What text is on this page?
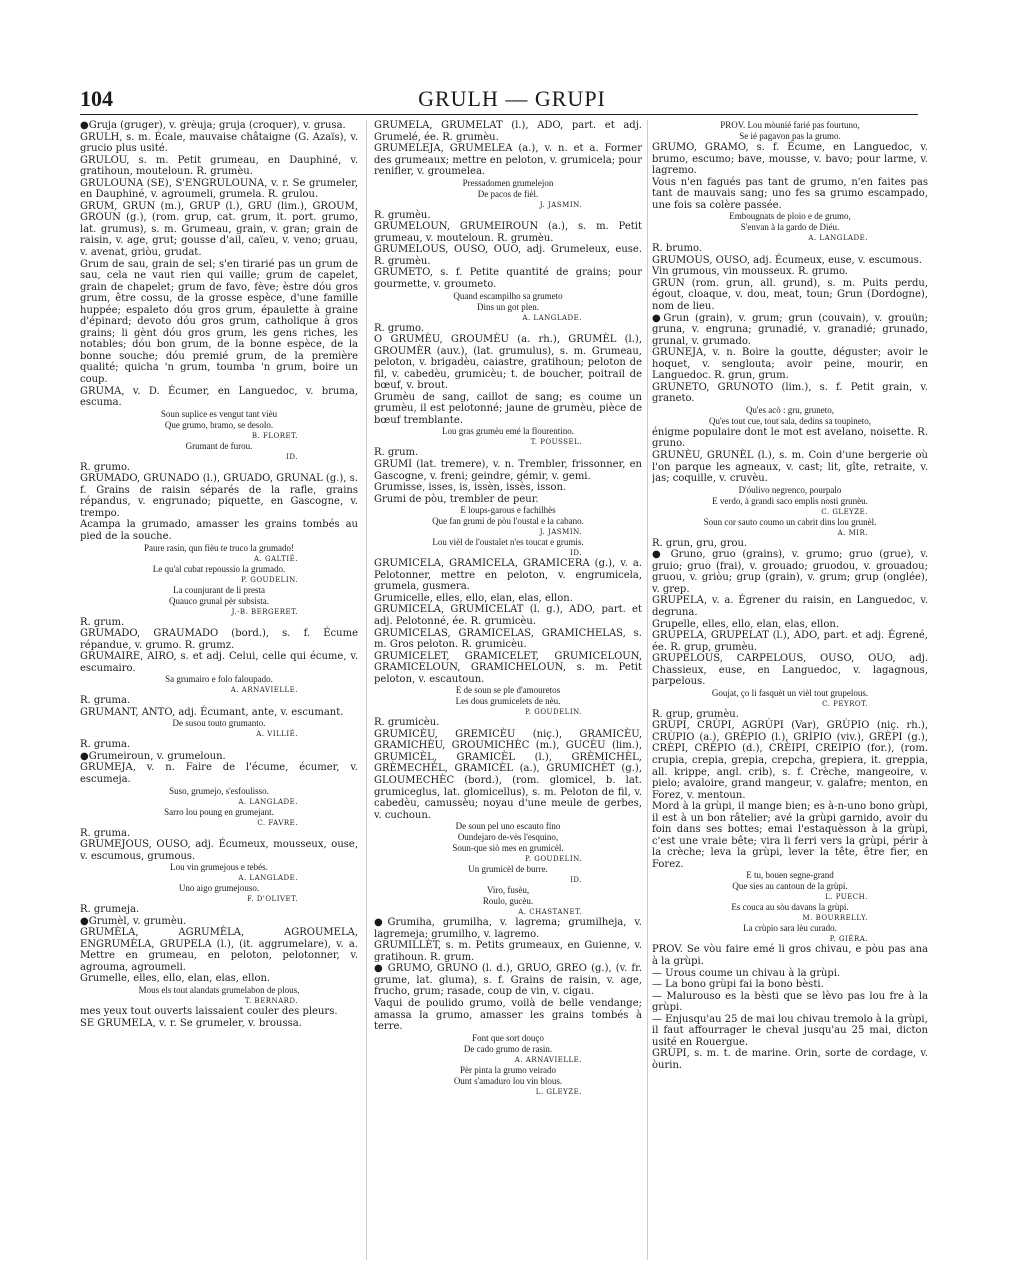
104	GRULH — GRUPI

●Gruja (gruger), v. grèuja; gruja (croquer), v. grusa.

GRULH, s. m. Écale, mauvaise châtaigne (G. Azaïs), v. grucio plus usité.

GRULOU, s. m. Petit grumeau, en Dauphiné, v. gratihoun, mouteloun. R. grumèu.

GRULOUNA (SE), S'ENGRULOUNA, v. r. Se grumeler, en Dauphiné, v. agroumeli, grumela. R. grulou.

GRUM, GRUN (m.), GRUP (l.), GRU (lim.), GROUM, GROUN (g.), (rom. grup, cat. grum, it. port. grumo, lat. grumus), s. m. Grumeau, grain, v. gran; grain de raisin, v. age, grut; gousse d'ail, caïeu, v. veno; gruau, v. avenat, griòu, grudat.

Grum de sau, grain de sel; s'en tirarié pas un grum de sau, cela ne vaut rien qui vaille; grum de capelet, grain de chapelet; grum de favo, fève; èstre dóu gros grum, être cossu, de la grosse espèce, d'une famille huppée; espaleto dóu gros grum, épaulette à graine d'épinard; devoto dóu gros grum, catholique à gros grains; li gènt dóu gros grum, les gens riches, les notables; dóu bon grum, de la bonne espèce, de la bonne souche; dóu premié grum, de la première qualité; quicha 'n grum, toumba 'n grum, boire un coup.

GRUMA, v. D. Écumer, en Languedoc, v. bruma, escuma.

Soun suplice es vengut tant vièu

Que grumo, bramo, se desolo.

B. FLORET.

Grumant de furou.

ID.

R. grumo.

GRUMADO, GRUNADO (l.), GRUADO, GRUNAL (g.), s. f. Grains de raisin séparés de la rafle, grains répandus, v. engrunado; piquette, en Gascogne, v. trempo.

Acampa la grumado, amasser les grains tombés au pied de la souche.

Paure rasin, qun fièu te truco la grumado!

A. GALTIÉ.

Le qu'al cubat repoussio la grumado.

P. GOUDELIN.

La counjurant de li presta

Quauco grunal pèr subsista.

J.-B. BERGERET.

R. grum.

GRUMADO, GRAUMADO (bord.), s. f. Écume répandue, v. grumo. R. grumz.

GRUMAIRE, AIRO, s. et adj. Celui, celle qui écume, v. escumairo.

Sa grumairo e folo faloupado.

A. ARNAVIELLE.

R. gruma.

GRUMANT, ANTO, adj. Écumant, ante, v. escumant.

De susou touto grumanto.

A. VILLIÉ.

R. gruma.

●Grumeiroun, v. grumeloun.

GRUMEJA, v. n. Faire de l'écume, écumer, v. escumeja.

Suso, grumejo, s'esfoulisso.

A. LANGLADE.

Sarro lou poung en grumejant.

C. FAVRE.

R. gruma.

GRUMEJOUS, OUSO, adj. Écumeux, mousseux, ouse, v. escumous, grumous.

Lou vin grumejous e tebés.

A. LANGLADE.

Uno aigo grumejouso.

F. D'OLIVET.

R. grumeja.

●Grumèl, v. grumèu.

GRUMÈLA, AGRUMÈLA, AGROUMELA, ENGRUMÈLA, GRUPELA (l.), (it. aggrumelare), v. a. Mettre en grumeau, en peloton, pelotonner, v. agrouma, agroumeli.

Grumelle, elles, ello, elan, elas, ellon.

Mous els tout alandats grumelabon de plous,

T. BERNARD.

mes yeux tout ouverts laissaient couler des pleurs.

SE GRUMELA, v. r. Se grumeler, v. broussa.

GRUMELA, GRUMELAT (l.), ADO, part. et adj. Grumelé, ée. R. grumèu.

GRUMELEJA, GRUMELEA (a.), v. n. et a. Former des grumeaux; mettre en peloton, v. grumicela; pour renifler, v. groumelea.

Pressadomen grumelejon

De pacos de fièl.

J. JASMIN.

R. grumèu.

GRUMELOUN, GRUMEIROUN (a.), s. m. Petit grumeau, v. mouteloun. R. grumèu.

GRUMELOUS, OUSO, OUO, adj. Grumeleux, euse. R. grumèu.

GRUMETO, s. f. Petite quantité de grains; pour gourmette, v. groumeto.

Quand escampilho sa grumeto

Dins un got plen.

A. LANGLADE.

R. grumo.

O GRUMÈU, GROUMÈU (a. rh.), GRUMÈL (l.), GROUMÈR (auv.), (lat. grumulus), s. m. Grumeau, peloton, v. brigadèu, caiastre, gratihoun; peloton de fil, v. cabedèu, grumicèu; t. de boucher, poitrail de bœuf, v. brout.

Grumèu de sang, caillot de sang; es coume un grumèu, il est pelotonné; jaune de grumèu, pièce de bœuf tremblante.

Lou gras grumèu emé la flourentino.

T. POUSSEL.

R. grum.

GRUMI (lat. tremere), v. n. Trembler, frissonner, en Gascogne, v. freni; geindre, gémir, v. gemi.

Grumisse, isses, is, issèn, issès, isson.

Grumi de pòu, trembler de peur.

E loups-garous e fachilhès

Que fan grumi de pòu l'oustal e la cabano.

J. JASMIN.

Lou vièl de l'oustalet n'es toucat e grumis.

ID.

GRUMICELA, GRAMICELA, GRAMICERA (g.), v. a. Pelotonner, mettre en peloton, v. engrumicela, grumela, gusmera.

Grumicelle, elles, ello, elan, elas, ellon.

GRUMICELA, GRUMICELAT (l. g.), ADO, part. et adj. Pelotonné, ée. R. grumicèu.

GRUMICELAS, GRAMICELAS, GRAMICHELAS, s. m. Gros peloton. R. grumicèu.

GRUMICELET, GRAMICELET, GRUMICELOUN, GRAMICELOUN, GRAMICHELOUN, s. m. Petit peloton, v. escautoun.

E de soun se ple d'amouretos

Les dous grumicelets de nèu.

P. GOUDELIN.

R. grumicèu.

GRUMICÈU, GREMICÈU (niç.), GRAMICÈU, GRAMICHÈU, GROUMICHÈC (m.), GUCÈU (lim.), GRUMICÈL, GRAMICÈL (l.), GRÈMICHÈL, GRÈMECHÈL, GRAMICÈL (a.), GRUMICHÈT (g.), GLOUMECHÈC (bord.), (rom. glomicel, b. lat. grumiceglus, lat. glomicellus), s. m. Peloton de fil, v. cabedèu, camussèu; noyau d'une meule de gerbes, v. cuchoun.

De soun pel uno escauto fino

Oundejaro de-vès l'esquino,

Soun-que siò mes en grumicèl.

P. GOUDELIN.

Un grumicèl de burre.

ID.

Viro, fusèu,

Roulo, gucèu.

A. CHASTANET.

●Grumiha, grumilha, v. lagrema; grumilheja, v. lagremeja; grumilho, v. lagremo.

GRUMILLÈT, s. m. Petits grumeaux, en Guienne, v. gratihoun. R. grum.

● GRUMO, GRUNO (l. d.), GRUO, GREO (g.), (v. fr. grume, lat. gluma), s. f. Grains de raisin, v. age, frucho, grum; rasade, coup de vin, v. cigau.

Vaqui de poulido grumo, voilà de belle vendange; amassa la grumo, amasser les grains tombés à terre.

Font que sort douço

De cado grumo de rasin.

A. ARNAVIELLE.

Pèr pinta la grumo veirado

Ount s'amaduro lou vin blous.

L. GLEYZE.

PROV. Lou mòunié farié pas fourtuno,

Se ié pagavon pas la grumo.

GRUMO, GRAMO, s. f. Écume, en Languedoc, v. brumo, escumo; bave, mousse, v. bavo; pour larme, v. lagremo.

Vous n'en fagués pas tant de grumo, n'en faites pas tant de mauvais sang; uno fes sa grumo escampado, une fois sa colère passée.

Embougnats de ploio e de grumo,

S'envan à la gardo de Diéu.

A. LANGLADE.

R. brumo.

GRUMOUS, OUSO, adj. Écumeux, euse, v. escumous.

Vin grumous, vin mousseux. R. grumo.

GRUN (rom. grun, all. grund), s. m. Puits perdu, égout, cloaque, v. dou, meat, toun; Grun (Dordogne), nom de lieu.

●Grun (grain), v. grum; grun (couvain), v. grouün; gruna, v. engruna; grunadié, v. granadié; grunado, grunal, v. grumado.

GRUNEJA, v. n. Boire la goutte, déguster; avoir le hoquet, v. senglouta; avoir peine, mourir, en Languedoc. R. grun, grum.

GRUNETO, GRUNOTO (lim.), s. f. Petit grain, v. graneto.

Qu'es acò : gru, gruneto,

Qu'es tout cue, tout sala, dedins sa toupineto,

énigme populaire dont le mot est avelano, noisette. R. gruno.

GRUNÈU, GRUNÈL (l.), s. m. Coin d'une bergerie où l'on parque les agneaux, v. cast; lit, gîte, retraite, v. jas; coquille, v. cruvèu.

D'óulivo negrenco, pourpalo

E verdo, à grandi saco emplis nosti grunèu.

C. GLEYZE.

Soun cor sauto coumo un cabrit dins lou grunèl.

A. MIR.

R. grun, gru, grou.

● Gruno, gruo (grains), v. grumo; gruo (grue), v. gruio; gruo (frai), v. grouado; gruodou, v. grouadou; gruou, v. griòu; grup (grain), v. grum; grup (onglée), v. grep.

GRUPELA, v. a. Égrener du raisin, en Languedoc, v. degruna.

Grupelle, elles, ello, elan, elas, ellon.

GRUPELA, GRUPELAT (l.), ADO, part. et adj. Égrené, ée. R. grup, grumèu.

GRUPELOUS, CARPELOUS, OUSO, OUO, adj. Chassieux, euse, en Languedoc, v. lagagnous, parpelous.

Goujat, ço li fasquèt un vièl tout grupelous.

C. PEYROT.

R. grup, grumèu.

GRÙPI, CRÙPI, AGRÙPI (Var), GRÙPIO (niç. rh.), CRÙPIO (a.), GRÈPIO (l.), GRÌPIO (viv.), GRÈPI (g.), CRÈPI, CRÈPIO (d.), CRÈIPI, CREIPIO (for.), (rom. crupia, crepia, grepia, crepcha, grepiera, it. greppia, all. krippe, angl. crib), s. f. Crèche, mangeoire, v. pielo; avaloire, grand mangeur, v. galafre; menton, en Forez, v. mentoun.

Mord à la grùpi, il mange bien; es à-n-uno bono grùpi, il est à un bon râtelier; avé la grùpi garnido, avoir du foin dans ses bottes; emai l'estaquèsson à la grùpi, c'est une vraie bête; vira li ferri vers la grùpi, périr à la crèche; leva la grùpi, lever la tête, être fier, en Forez.

E tu, bouen segne-grand

Que sies au cantoun de la grùpi.

L. PUECH.

Es couca au sòu davans la grùpi.

M. BOURRELLY.

La crùpio sara lèu curado.

P. GIÉRA.

PROV. Se vòu faire emé li gros chivau, e pòu pas ana à la grùpi.

— Urous coume un chivau à la grùpi.

— La bono grùpi fai la bono bèsti.

— Malurouso es la bèsti que se lèvo pas lou fre à la grùpi.

— Enjusqu'au 25 de mai lou chivau tremolo à la grùpi,

il faut affourrager le cheval jusqu'au 25 mai, dicton usité en Rouergue.

GRÙPI, s. m. t. de marine. Orin, sorte de cordage, v. òurin.
